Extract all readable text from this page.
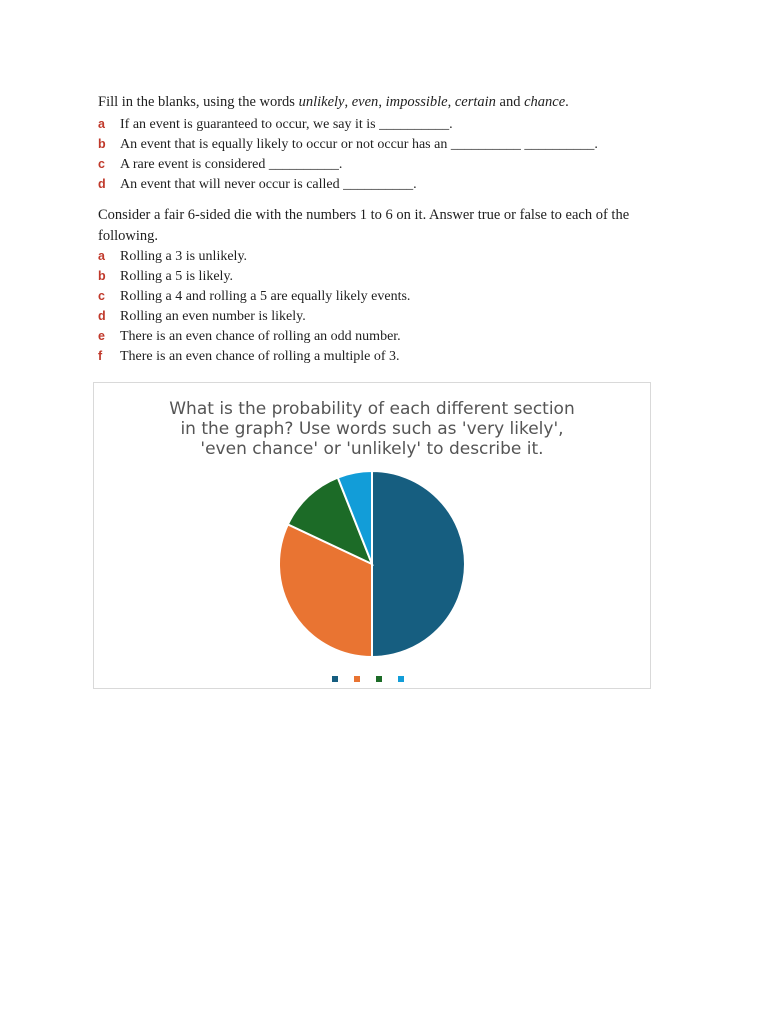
Fill in the blanks, using the words unlikely, even, impossible, certain and chance.
a If an event is guaranteed to occur, we say it is __________.
b An event that is equally likely to occur or not occur has an __________ __________.
c A rare event is considered __________.
d An event that will never occur is called __________.
Consider a fair 6-sided die with the numbers 1 to 6 on it. Answer true or false to each of the following.
a Rolling a 3 is unlikely.
b Rolling a 5 is likely.
c Rolling a 4 and rolling a 5 are equally likely events.
d Rolling an even number is likely.
e There is an even chance of rolling an odd number.
f There is an even chance of rolling a multiple of 3.
What is the probability of each different section
in the graph? Use words such as 'very likely',
'even chance' or 'unlikely' to describe it.
